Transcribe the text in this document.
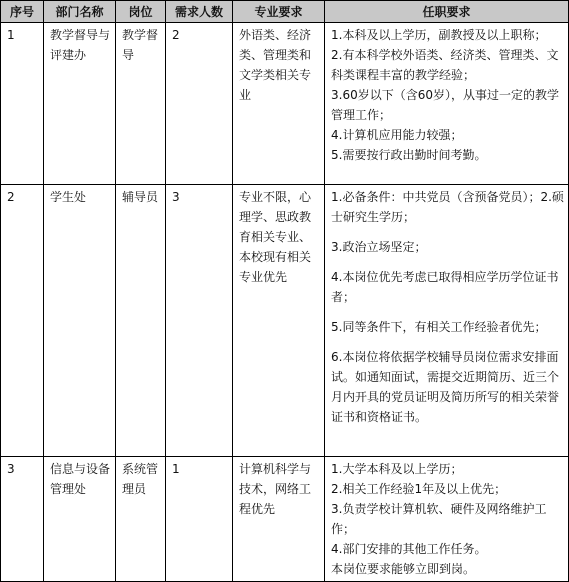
序号	部门名称	岗位	需求人数	专业要求	任职要求
1	教学督导与评建办	教学督导	2	外语类、经济类、管理类和文学类相关专业	1.本科及以上学历，副教授及以上职称；

2.有本科学校外语类、经济类、管理类、文科类课程丰富的教学经验；

3.60岁以下（含60岁），从事过一定的教学管理工作；

4.计算机应用能力较强；

5.需要按行政出勤时间考勤。

2	学生处	辅导员	3	专业不限，心理学、思政教育相关专业、本校现有相关专业优先	1.必备条件：中共党员（含预备党员）；2.硕士研究生学历；

3.政治立场坚定；

4.本岗位优先考虑已取得相应学历学位证书者；

5.同等条件下，有相关工作经验者优先；

6.本岗位将依据学校辅导员岗位需求安排面试。如通知面试，需提交近期简历、近三个月内开具的党员证明及简历所写的相关荣誉证书和资格证书。

3	信息与设备管理处	系统管理员	1	计算机科学与技术，网络工程优先	1.大学本科及以上学历；

2.相关工作经验1年及以上优先；

3.负责学校计算机软、硬件及网络维护工作；

4.部门安排的其他工作任务。

本岗位要求能够立即到岗。
